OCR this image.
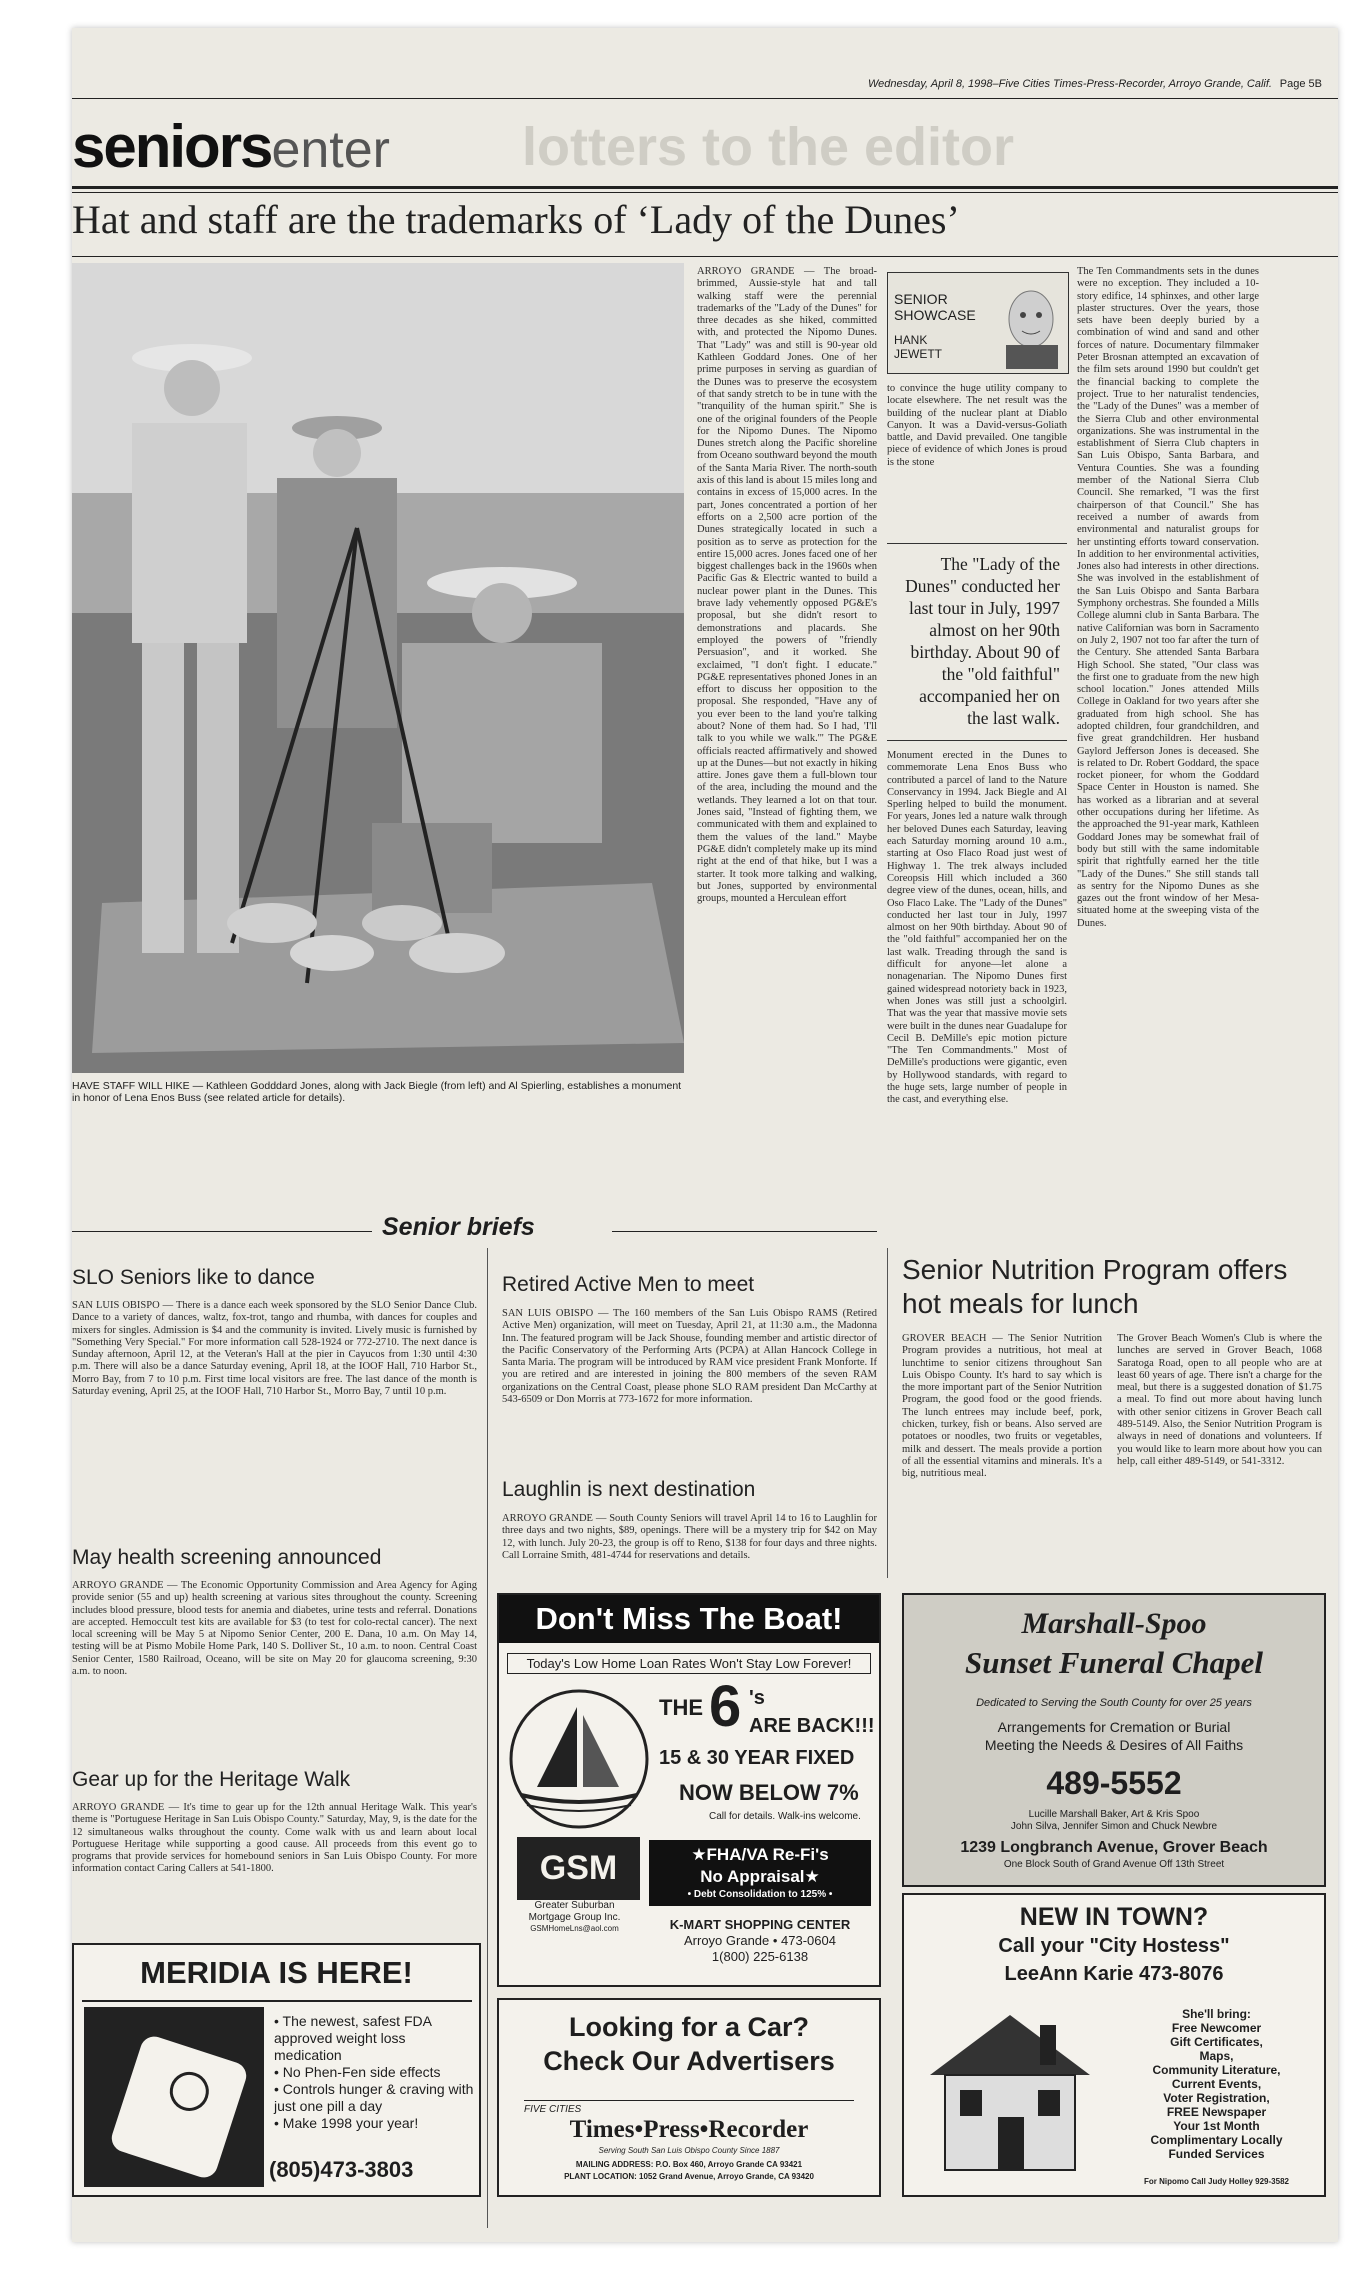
Wednesday, April 8, 1998–Five Cities Times-Press-Recorder, Arroyo Grande, Calif. Page 5B
seniorsenter	lotters to the editor
Hat and staff are the trademarks of ‘Lady of the Dunes’
HAVE STAFF WILL HIKE — Kathleen Godddard Jones, along with Jack Biegle (from left) and Al Spierling, establishes a monument in honor of Lena Enos Buss (see related article for details).
ARROYO GRANDE — The broad-brimmed, Aussie-style hat and tall walking staff were the perennial trademarks of the "Lady of the Dunes" for three decades as she hiked, committed with, and protected the Nipomo Dunes. That "Lady" was and still is 90-year old Kathleen Goddard Jones. One of her prime purposes in serving as guardian of the Dunes was to preserve the ecosystem of that sandy stretch to be in tune with the "tranquility of the human spirit." She is one of the original founders of the People for the Nipomo Dunes. The Nipomo Dunes stretch along the Pacific shoreline from Oceano southward beyond the mouth of the Santa Maria River. The north-south axis of this land is about 15 miles long and contains in excess of 15,000 acres. In the part, Jones concentrated a portion of her efforts on a 2,500 acre portion of the Dunes strategically located in such a position as to serve as protection for the entire 15,000 acres. Jones faced one of her biggest challenges back in the 1960s when Pacific Gas & Electric wanted to build a nuclear power plant in the Dunes. This brave lady vehemently opposed PG&E's proposal, but she didn't resort to demonstrations and placards. She employed the powers of "friendly Persuasion", and it worked. She exclaimed, "I don't fight. I educate." PG&E representatives phoned Jones in an effort to discuss her opposition to the proposal. She responded, "Have any of you ever been to the land you're talking about? None of them had. So I had, 'I'll talk to you while we walk.'" The PG&E officials reacted affirmatively and showed up at the Dunes—but not exactly in hiking attire. Jones gave them a full-blown tour of the area, including the mound and the wetlands. They learned a lot on that tour. Jones said, "Instead of fighting them, we communicated with them and explained to them the values of the land." Maybe PG&E didn't completely make up its mind right at the end of that hike, but I was a starter. It took more talking and walking, but Jones, supported by environmental groups, mounted a Herculean effort
SENIOR
SHOWCASE
HANK
JEWETT
to convince the huge utility company to locate elsewhere. The net result was the building of the nuclear plant at Diablo Canyon. It was a David-versus-Goliath battle, and David prevailed. One tangible piece of evidence of which Jones is proud is the stone
The "Lady of the Dunes" conducted her last tour in July, 1997 almost on her 90th birthday. About 90 of the "old faithful" accompanied her on the last walk.
Monument erected in the Dunes to commemorate Lena Enos Buss who contributed a parcel of land to the Nature Conservancy in 1994. Jack Biegle and Al Sperling helped to build the monument. For years, Jones led a nature walk through her beloved Dunes each Saturday, leaving each Saturday morning around 10 a.m., starting at Oso Flaco Road just west of Highway 1. The trek always included Coreopsis Hill which included a 360 degree view of the dunes, ocean, hills, and Oso Flaco Lake. The "Lady of the Dunes" conducted her last tour in July, 1997 almost on her 90th birthday. About 90 of the "old faithful" accompanied her on the last walk. Treading through the sand is difficult for anyone—let alone a nonagenarian. The Nipomo Dunes first gained widespread notoriety back in 1923, when Jones was still just a schoolgirl. That was the year that massive movie sets were built in the dunes near Guadalupe for Cecil B. DeMille's epic motion picture "The Ten Commandments." Most of DeMille's productions were gigantic, even by Hollywood standards, with regard to the huge sets, large number of people in the cast, and everything else.
The Ten Commandments sets in the dunes were no exception. They included a 10-story edifice, 14 sphinxes, and other large plaster structures. Over the years, those sets have been deeply buried by a combination of wind and sand and other forces of nature. Documentary filmmaker Peter Brosnan attempted an excavation of the film sets around 1990 but couldn't get the financial backing to complete the project. True to her naturalist tendencies, the "Lady of the Dunes" was a member of the Sierra Club and other environmental organizations. She was instrumental in the establishment of Sierra Club chapters in San Luis Obispo, Santa Barbara, and Ventura Counties. She was a founding member of the National Sierra Club Council. She remarked, "I was the first chairperson of that Council." She has received a number of awards from environmental and naturalist groups for her unstinting efforts toward conservation. In addition to her environmental activities, Jones also had interests in other directions. She was involved in the establishment of the San Luis Obispo and Santa Barbara Symphony orchestras. She founded a Mills College alumni club in Santa Barbara. The native Californian was born in Sacramento on July 2, 1907 not too far after the turn of the Century. She attended Santa Barbara High School. She stated, "Our class was the first one to graduate from the new high school location." Jones attended Mills College in Oakland for two years after she graduated from high school. She has adopted children, four grandchildren, and five great grandchildren. Her husband Gaylord Jefferson Jones is deceased. She is related to Dr. Robert Goddard, the space rocket pioneer, for whom the Goddard Space Center in Houston is named. She has worked as a librarian and at several other occupations during her lifetime. As the approached the 91-year mark, Kathleen Goddard Jones may be somewhat frail of body but still with the same indomitable spirit that rightfully earned her the title "Lady of the Dunes." She still stands tall as sentry for the Nipomo Dunes as she gazes out the front window of her Mesa-situated home at the sweeping vista of the Dunes.
Senior briefs
SLO Seniors like to dance
SAN LUIS OBISPO — There is a dance each week sponsored by the SLO Senior Dance Club. Dance to a variety of dances, waltz, fox-trot, tango and rhumba, with dances for couples and mixers for singles. Admission is $4 and the community is invited. Lively music is furnished by "Something Very Special." For more information call 528-1924 or 772-2710. The next dance is Sunday afternoon, April 12, at the Veteran's Hall at the pier in Cayucos from 1:30 until 4:30 p.m. There will also be a dance Saturday evening, April 18, at the IOOF Hall, 710 Harbor St., Morro Bay, from 7 to 10 p.m. First time local visitors are free. The last dance of the month is Saturday evening, April 25, at the IOOF Hall, 710 Harbor St., Morro Bay, 7 until 10 p.m.
May health screening announced
ARROYO GRANDE — The Economic Opportunity Commission and Area Agency for Aging provide senior (55 and up) health screening at various sites throughout the county. Screening includes blood pressure, blood tests for anemia and diabetes, urine tests and referral. Donations are accepted. Hemoccult test kits are available for $3 (to test for colo-rectal cancer). The next local screening will be May 5 at Nipomo Senior Center, 200 E. Dana, 10 a.m. On May 14, testing will be at Pismo Mobile Home Park, 140 S. Dolliver St., 10 a.m. to noon. Central Coast Senior Center, 1580 Railroad, Oceano, will be site on May 20 for glaucoma screening, 9:30 a.m. to noon.
Gear up for the Heritage Walk
ARROYO GRANDE — It's time to gear up for the 12th annual Heritage Walk. This year's theme is "Portuguese Heritage in San Luis Obispo County." Saturday, May, 9, is the date for the 12 simultaneous walks throughout the county. Come walk with us and learn about local Portuguese Heritage while supporting a good cause. All proceeds from this event go to programs that provide services for homebound seniors in San Luis Obispo County. For more information contact Caring Callers at 541-1800.
Retired Active Men to meet
SAN LUIS OBISPO — The 160 members of the San Luis Obispo RAMS (Retired Active Men) organization, will meet on Tuesday, April 21, at 11:30 a.m., the Madonna Inn. The featured program will be Jack Shouse, founding member and artistic director of the Pacific Conservatory of the Performing Arts (PCPA) at Allan Hancock College in Santa Maria. The program will be introduced by RAM vice president Frank Monforte. If you are retired and are interested in joining the 800 members of the seven RAM organizations on the Central Coast, please phone SLO RAM president Dan McCarthy at 543-6509 or Don Morris at 773-1672 for more information.
Laughlin is next destination
ARROYO GRANDE — South County Seniors will travel April 14 to 16 to Laughlin for three days and two nights, $89, openings. There will be a mystery trip for $42 on May 12, with lunch. July 20-23, the group is off to Reno, $138 for four days and three nights. Call Lorraine Smith, 481-4744 for reservations and details.
Senior Nutrition Program offers hot meals for lunch
GROVER BEACH — The Senior Nutrition Program provides a nutritious, hot meal at lunchtime to senior citizens throughout San Luis Obispo County. It's hard to say which is the more important part of the Senior Nutrition Program, the good food or the good friends. The lunch entrees may include beef, pork, chicken, turkey, fish or beans. Also served are potatoes or noodles, two fruits or vegetables, milk and dessert. The meals provide a portion of all the essential vitamins and minerals. It's a big, nutritious meal.
The Grover Beach Women's Club is where the lunches are served in Grover Beach, 1068 Saratoga Road, open to all people who are at least 60 years of age. There isn't a charge for the meal, but there is a suggested donation of $1.75 a meal. To find out more about having lunch with other senior citizens in Grover Beach call 489-5149. Also, the Senior Nutrition Program is always in need of donations and volunteers. If you would like to learn more about how you can help, call either 489-5149, or 541-3312.
MERIDIA IS HERE!
• The newest, safest FDA approved weight loss medication
• No Phen-Fen side effects
• Controls hunger & craving with just one pill a day
• Make 1998 your year!
(805)473-3803
Don't Miss The Boat!
Today's Low Home Loan Rates Won't Stay Low Forever!
THE 6 's
ARE BACK!!!
15 & 30 YEAR FIXED
NOW BELOW 7%
Call for details. Walk-ins welcome.
GSM
Greater Suburban
Mortgage Group Inc.
GSMHomeLns@aol.com
★FHA/VA Re-Fi's
No Appraisal★
• Debt Consolidation to 125% •
K-MART SHOPPING CENTER
Arroyo Grande • 473-0604
1(800) 225-6138
Looking for a Car?
Check Our Advertisers
FIVE CITIES
Times•Press•Recorder
Serving South San Luis Obispo County Since 1887
MAILING ADDRESS: P.O. Box 460, Arroyo Grande CA 93421
PLANT LOCATION: 1052 Grand Avenue, Arroyo Grande, CA 93420
Marshall-Spoo
Sunset Funeral Chapel
Dedicated to Serving the South County for over 25 years
Arrangements for Cremation or Burial
Meeting the Needs & Desires of All Faiths
489-5552
Lucille Marshall Baker, Art & Kris Spoo
John Silva, Jennifer Simon and Chuck Newbre
1239 Longbranch Avenue, Grover Beach
One Block South of Grand Avenue Off 13th Street
NEW IN TOWN?
Call your "City Hostess"
LeeAnn Karie 473-8076
She'll bring:
Free Newcomer
Gift Certificates,
Maps,
Community Literature,
Current Events,
Voter Registration,
FREE Newspaper
Your 1st Month
Complimentary Locally
Funded Services
For Nipomo Call Judy Holley 929-3582
